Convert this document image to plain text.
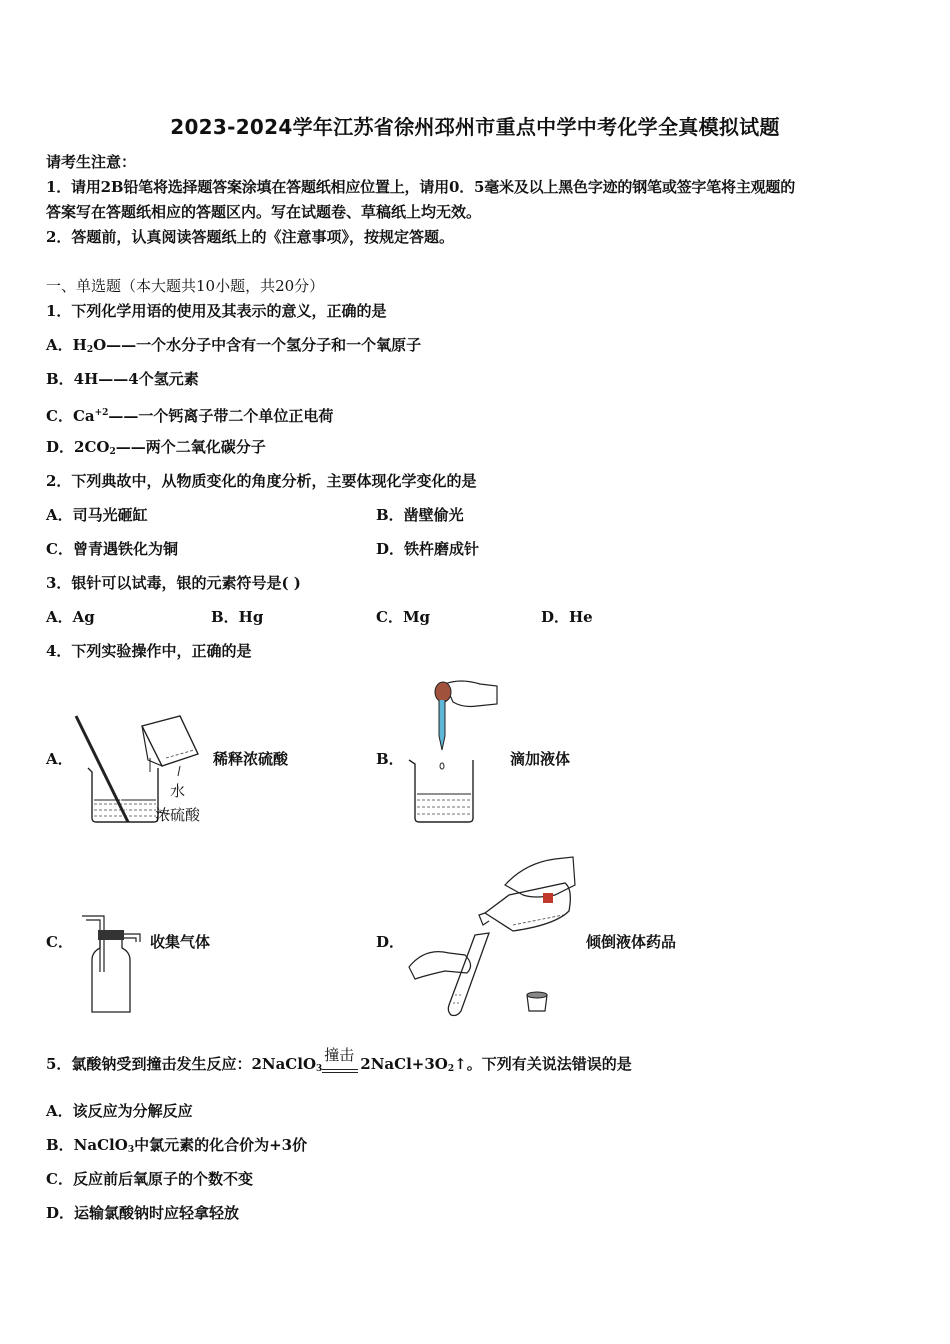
2023-2024学年江苏省徐州邳州市重点中学中考化学全真模拟试题
请考生注意：
1．请用2B铅笔将选择题答案涂填在答题纸相应位置上，请用0．5毫米及以上黑色字迹的钢笔或签字笔将主观题的
答案写在答题纸相应的答题区内。写在试题卷、草稿纸上均无效。
2．答题前，认真阅读答题纸上的《注意事项》，按规定答题。
一、单选题（本大题共10小题，共20分）
1．下列化学用语的使用及其表示的意义，正确的是
A．$H_2O——$一个水分子中含有一个氢分子和一个氧原子
B．4H——4个氢元素
C．$Ca^{+2}——$一个钙离子带二个单位正电荷
D．$2CO_2——$两个二氧化碳分子
2．下列典故中，从物质变化的角度分析，主要体现化学变化的是
A．司马光砸缸	B．凿壁偷光
C．曾青遇铁化为铜	D．铁杵磨成针
3．银针可以试毒，银的元素符号是( )
A．Ag	B．Hg	C．Mg	D．He
4．下列实验操作中，正确的是
A．
水
浓硫酸
稀释浓硫酸	B．	滴加液体
C．	收集气体	D．	倾倒液体药品
5．氯酸钠受到撞击发生反应：2NaClO$_3$
撞击 $2NaCl+3O_2↑$。下列有关说法错误的是
A．该反应为分解反应
B．NaClO$_3$中氯元素的化合价为+3价
C．反应前后氧原子的个数不变
D．运输氯酸钠时应轻拿轻放
